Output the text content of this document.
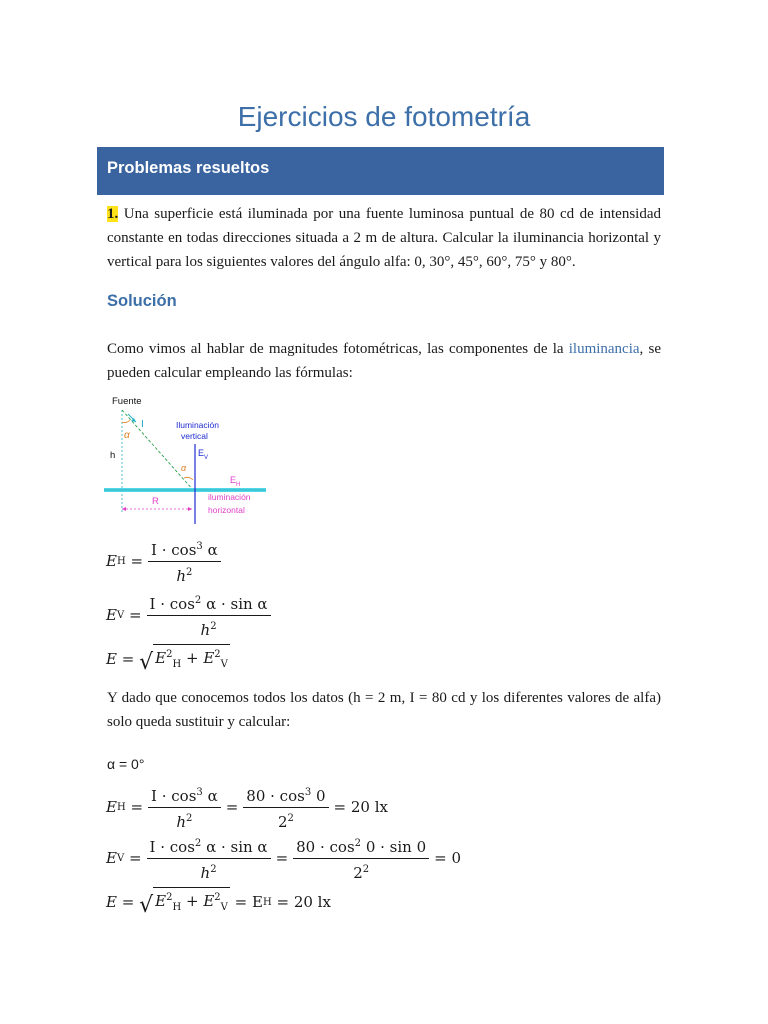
Ejercicios de fotometría
Problemas resueltos

1. Una superficie está iluminada por una fuente luminosa puntual de 80 cd de intensidad constante en todas direcciones situada a 2 m de altura. Calcular la iluminancia horizontal y vertical para los siguientes valores del ángulo alfa: 0, 30°, 45°, 60°, 75° y 80°.

Solución

Como vimos al hablar de magnitudes fotométricas, las componentes de la iluminancia, se pueden calcular empleando las fórmulas:

Fuente
I
α
α
h
Iluminación
vertical
E V
E H
R	iluminación
horizontal
E H
= $\frac{I \cdot \cos^3 \alpha}{h^2}$
E V
= $\frac{I \cdot \cos^2 \alpha \cdot \sin \alpha}{h^2}$
E
=
√ $E^2_H + E^2_V$

Y dado que conocemos todos los datos (h = 2 m, I = 80 cd y los diferentes valores de alfa) solo queda sustituir y calcular:

α = 0°
E H
= $\frac{I \cdot \cos^3 \alpha}{h^2} = \frac{80 \cdot \cos^3 0}{2^2} = 20$ lx
E V
= $\frac{I \cdot \cos^2 \alpha \cdot \sin \alpha}{h^2} = \frac{80 \cdot \cos^2 0 \cdot \sin 0}{2^2} = 0$
E
=
√ $E^2_H + E^2_V$
= E H
= 20 lx
